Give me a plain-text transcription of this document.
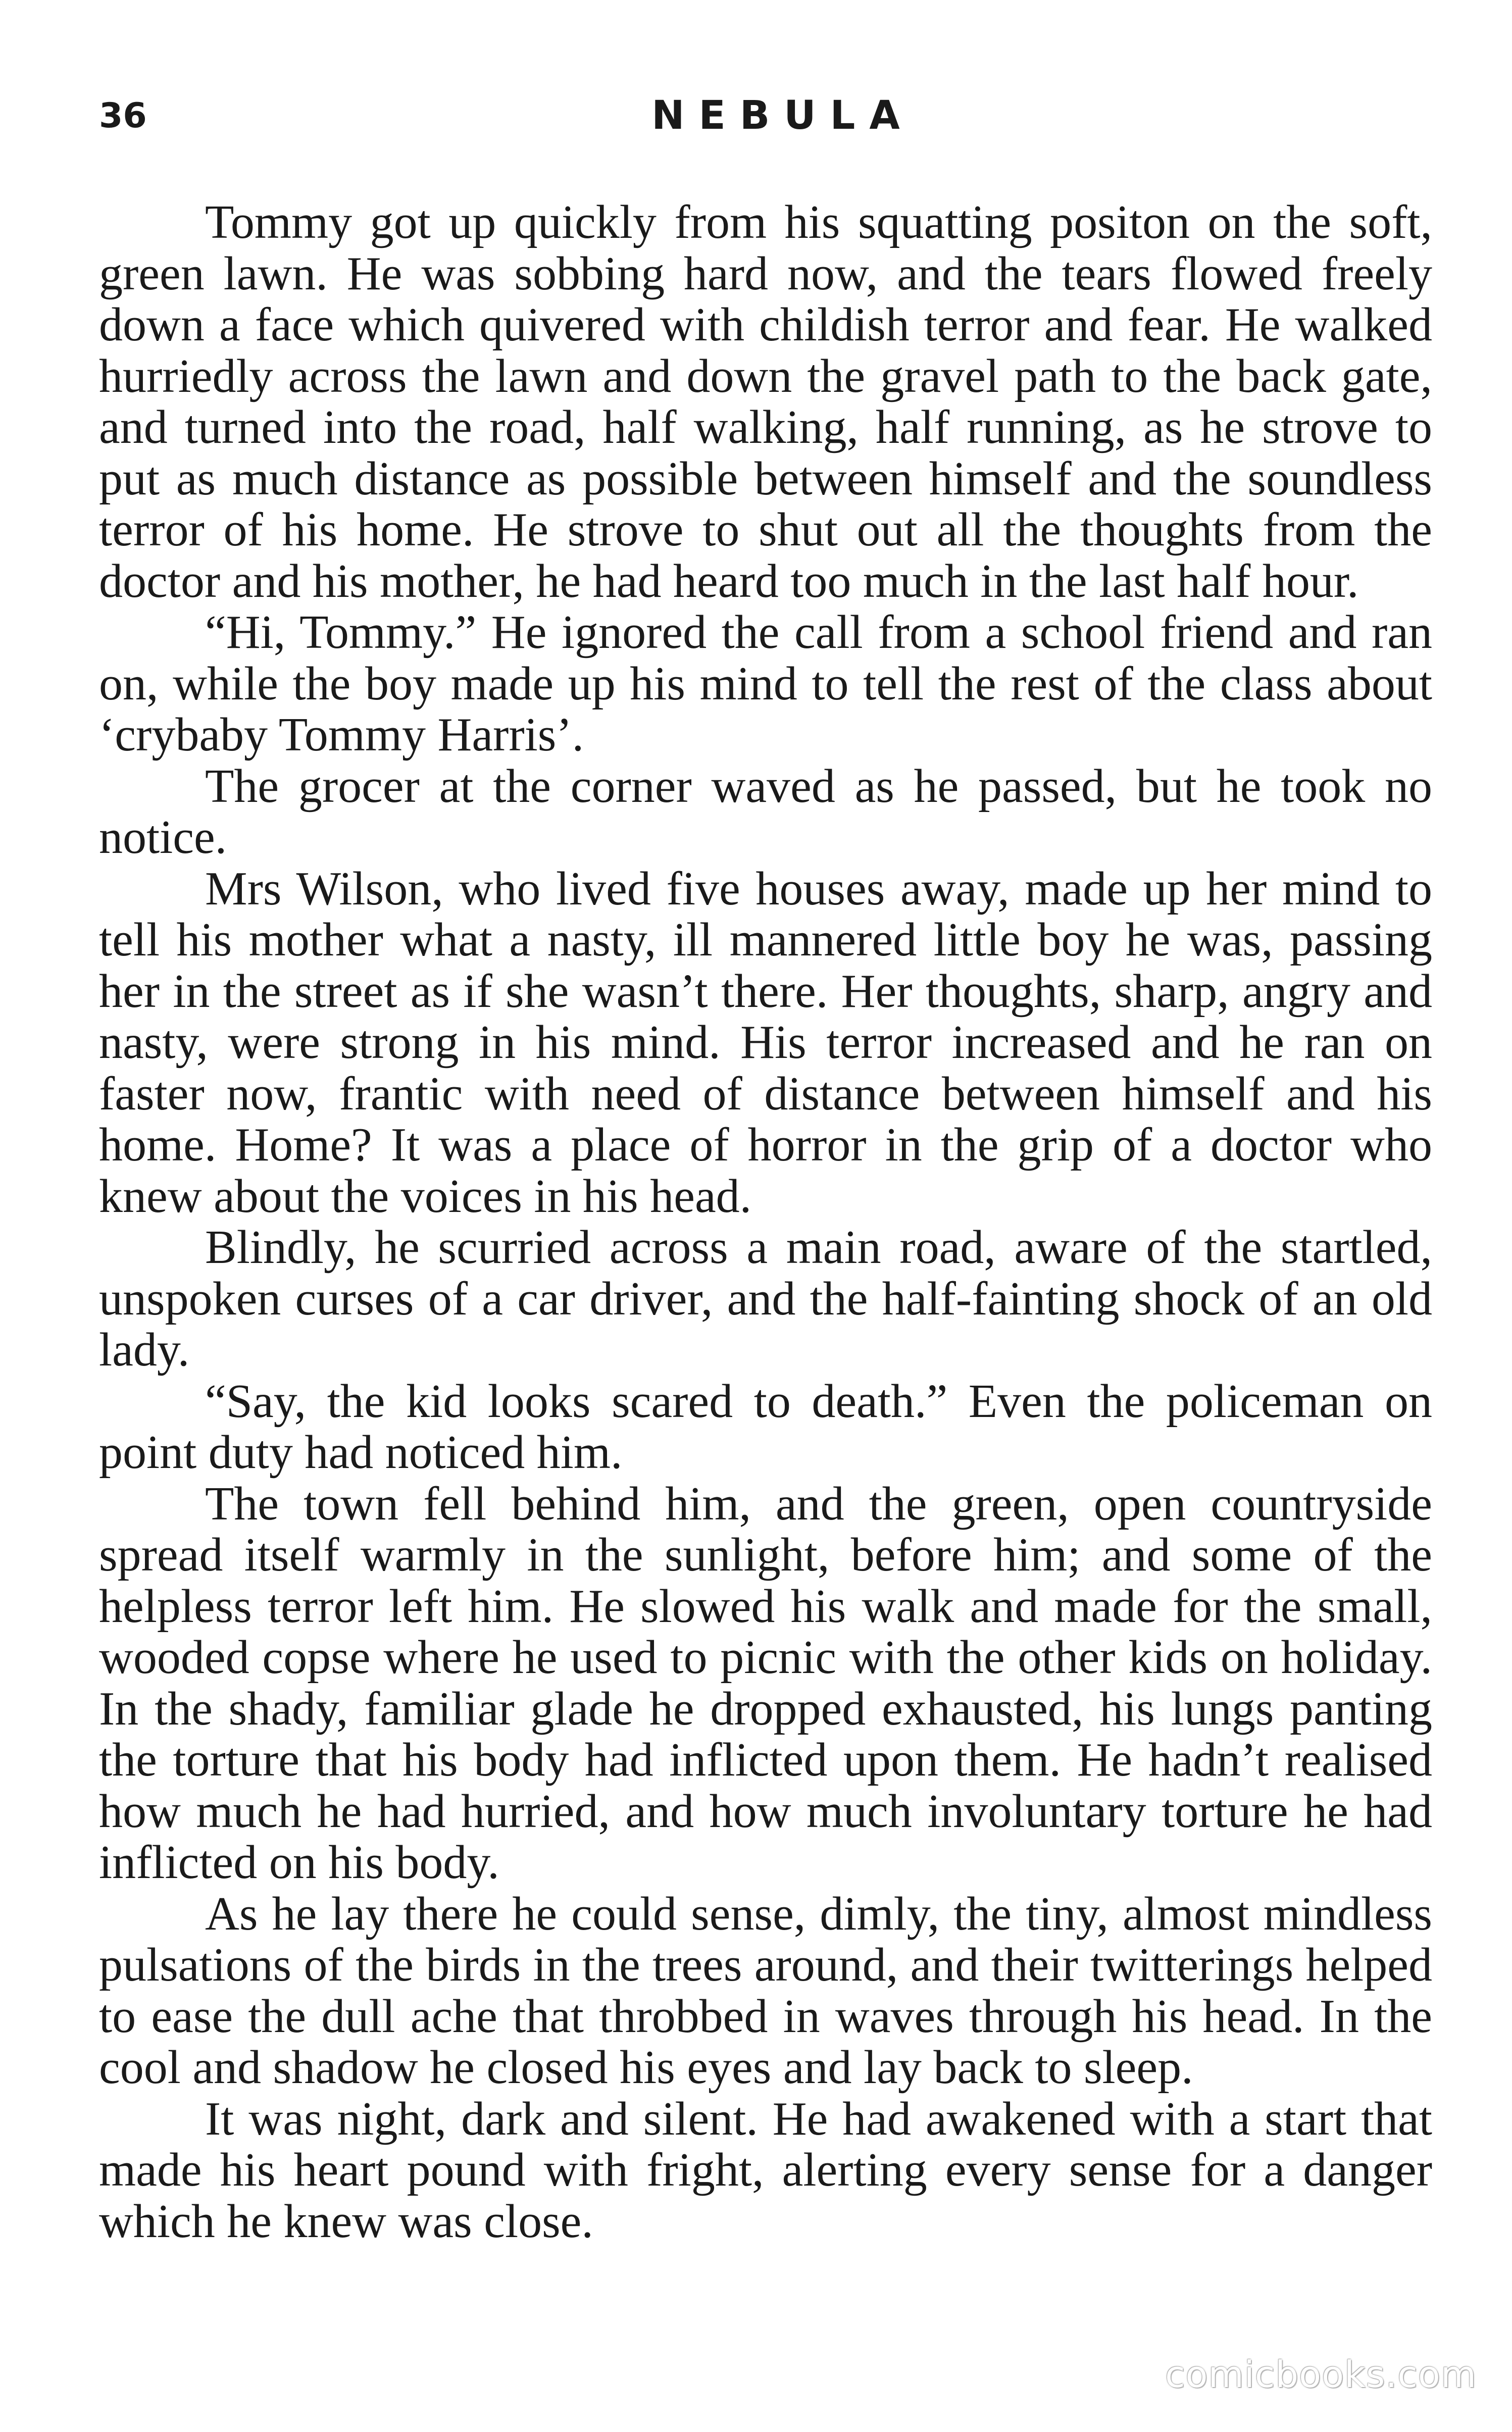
36	NEBULA

Tommy got up quickly from his squatting positon on the soft, green lawn. He was sobbing hard now, and the tears flowed freely down a face which quivered with childish terror and fear. He walked hurriedly across the lawn and down the gravel path to the back gate, and turned into the road, half walking, half running, as he strove to put as much distance as possible between himself and the soundless terror of his home. He strove to shut out all the thoughts from the doctor and his mother, he had heard too much in the last half hour.

“Hi, Tommy.” He ignored the call from a school friend and ran on, while the boy made up his mind to tell the rest of the class about ‘crybaby Tommy Harris’.

The grocer at the corner waved as he passed, but he took no notice.

Mrs Wilson, who lived five houses away, made up her mind to tell his mother what a nasty, ill mannered little boy he was, passing her in the street as if she wasn’t there. Her thoughts, sharp, angry and nasty, were strong in his mind. His terror increased and he ran on faster now, frantic with need of distance between himself and his home. Home? It was a place of horror in the grip of a doctor who knew about the voices in his head.

Blindly, he scurried across a main road, aware of the startled, unspoken curses of a car driver, and the half-fainting shock of an old lady.

“Say, the kid looks scared to death.” Even the policeman on point duty had noticed him.

The town fell behind him, and the green, open countryside spread itself warmly in the sunlight, before him; and some of the helpless terror left him. He slowed his walk and made for the small, wooded copse where he used to picnic with the other kids on holiday. In the shady, familiar glade he dropped exhausted, his lungs panting the torture that his body had inflicted upon them. He hadn’t realised how much he had hurried, and how much involuntary torture he had inflicted on his body.

As he lay there he could sense, dimly, the tiny, almost mindless pulsations of the birds in the trees around, and their twitterings helped to ease the dull ache that throbbed in waves through his head. In the cool and shadow he closed his eyes and lay back to sleep.

It was night, dark and silent. He had awakened with a start that made his heart pound with fright, alerting every sense for a danger which he knew was close.

comicbooks.com
